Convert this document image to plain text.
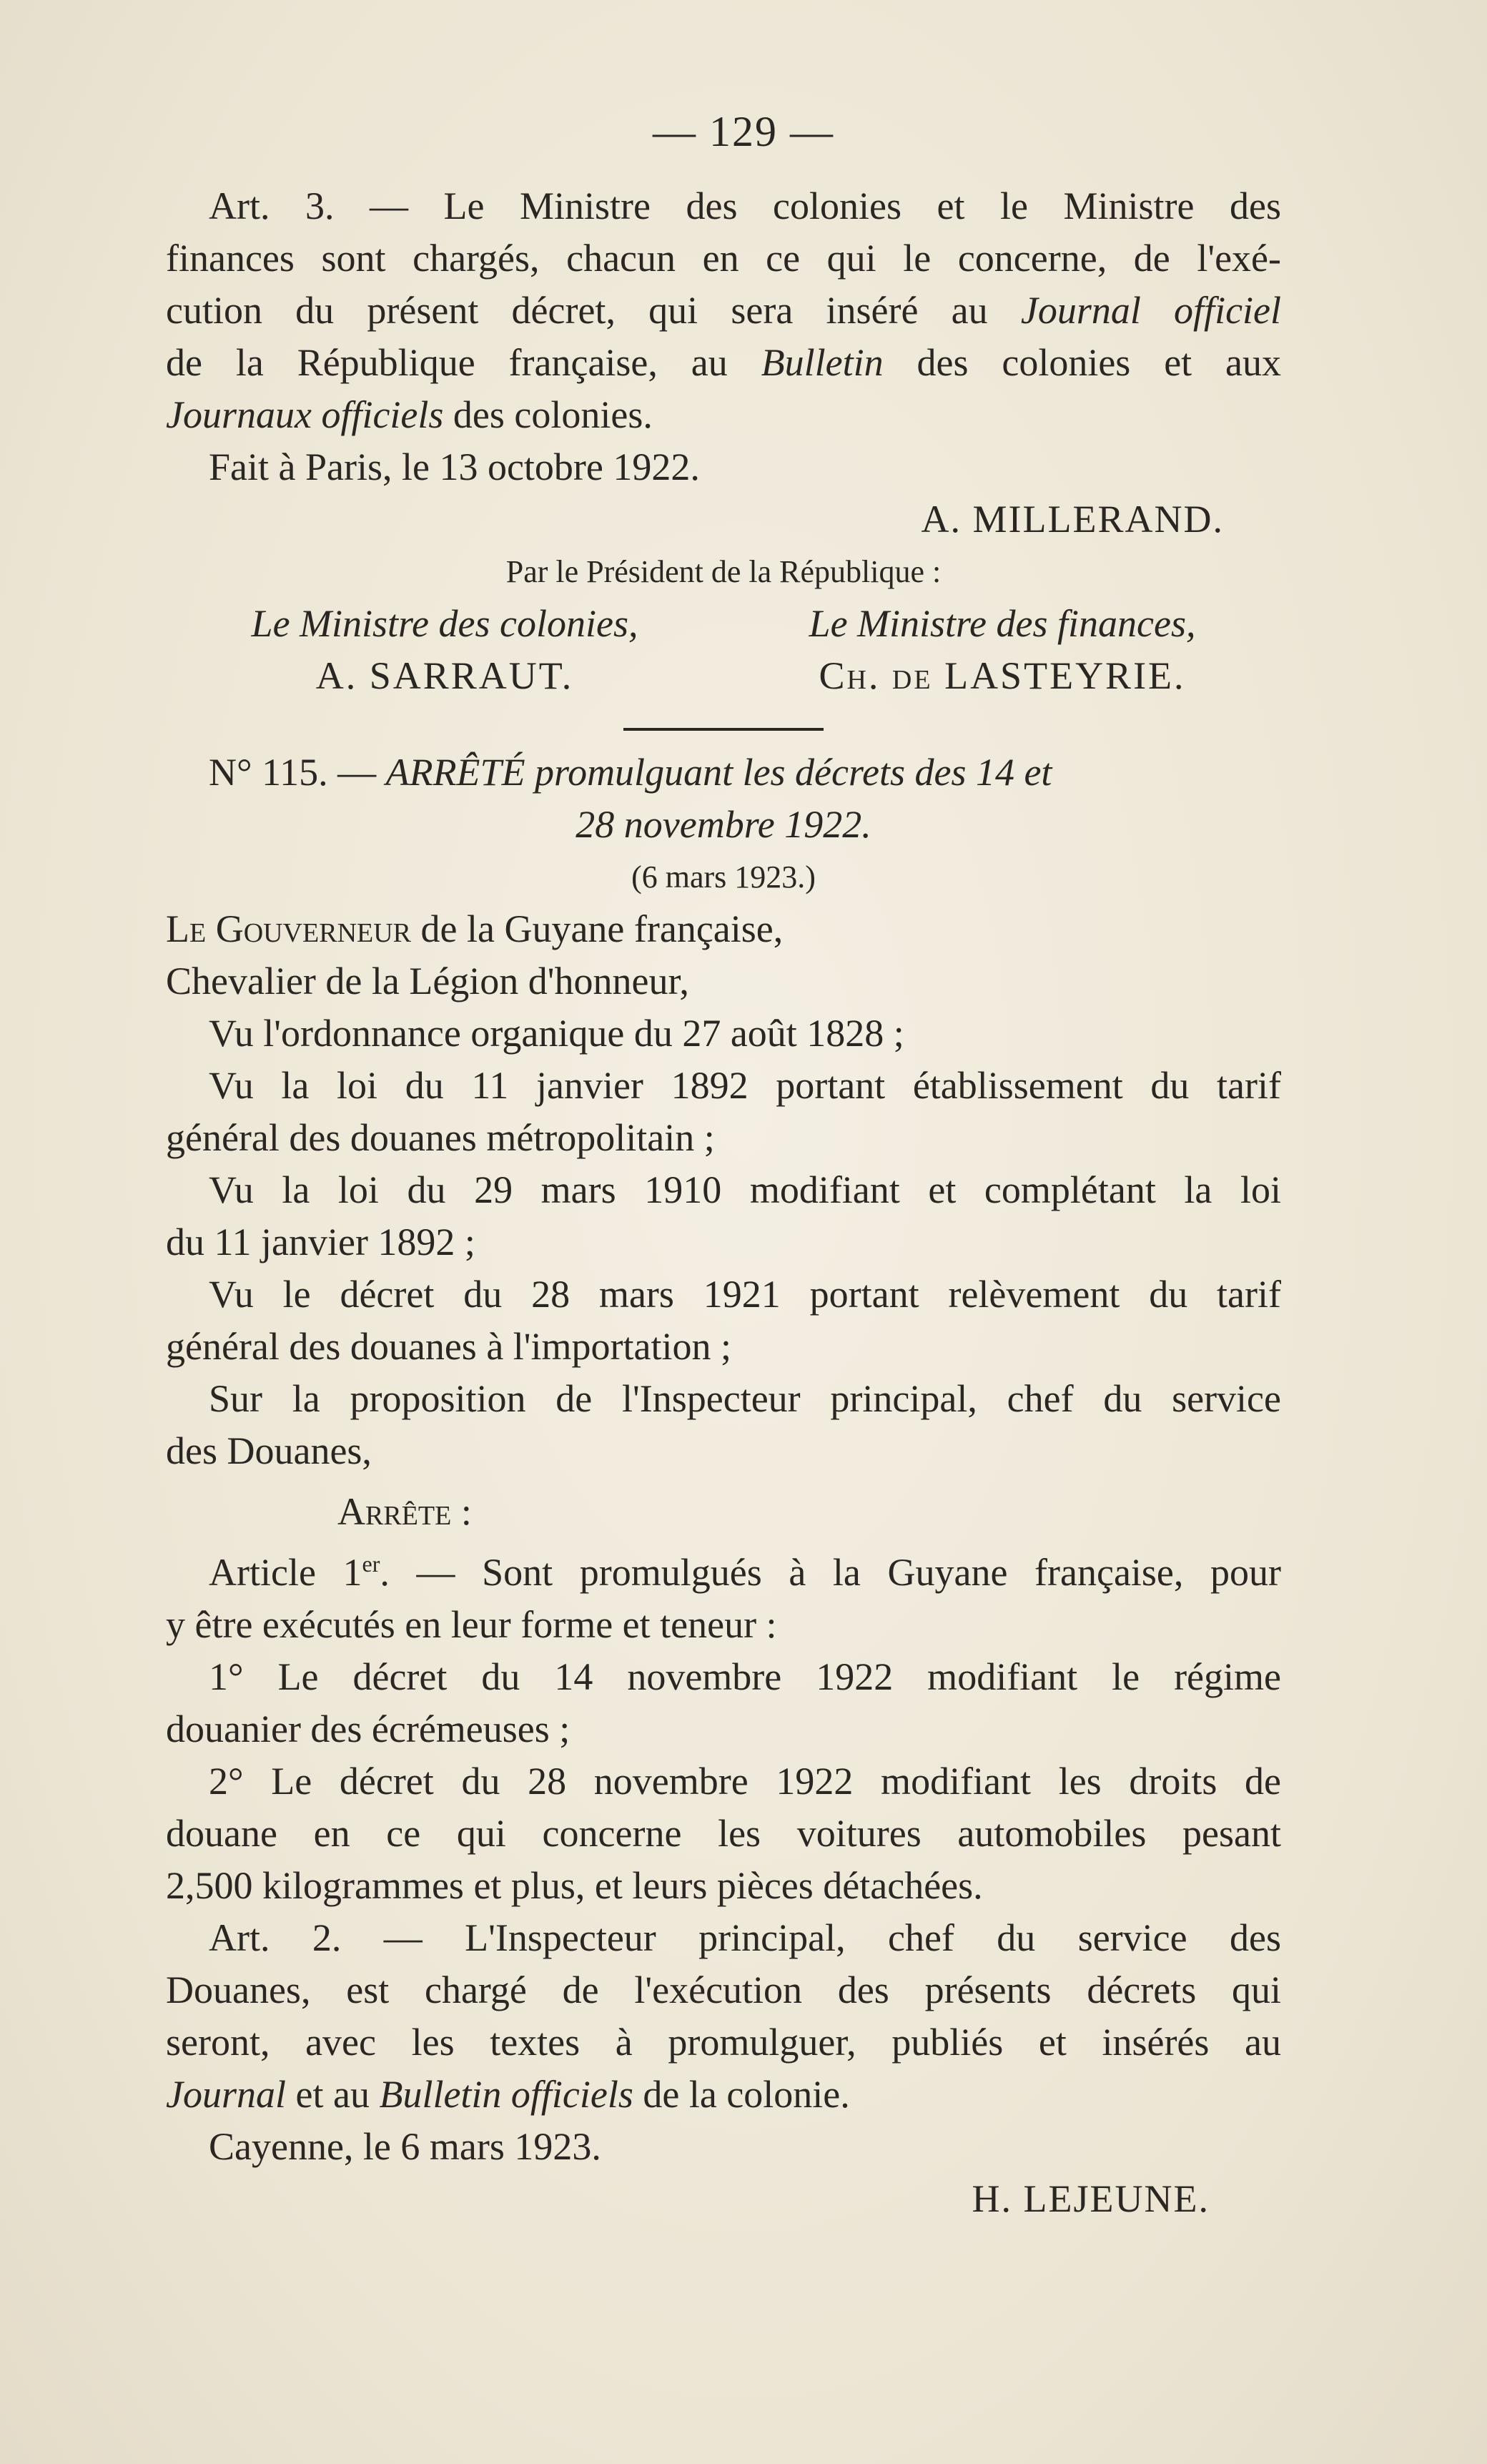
— 129 —
Art. 3. — Le Ministre des colonies et le Ministre des
finances sont chargés, chacun en ce qui le concerne, de l'exé-
cution du présent décret, qui sera inséré au Journal officiel
de la République française, au Bulletin des colonies et aux
Journaux officiels des colonies.
Fait à Paris, le 13 octobre 1922.
A. MILLERAND.
Par le Président de la République :
Le Ministre des colonies,	Le Ministre des finances,
A. SARRAUT.	Ch. de LASTEYRIE.
N° 115. — ARRÊTÉ promulguant les décrets des 14 et
28 novembre 1922.
(6 mars 1923.)
Le Gouverneur de la Guyane française,
Chevalier de la Légion d'honneur,
Vu l'ordonnance organique du 27 août 1828 ;
Vu la loi du 11 janvier 1892 portant établissement du tarif
général des douanes métropolitain ;
Vu la loi du 29 mars 1910 modifiant et complétant la loi
du 11 janvier 1892 ;
Vu le décret du 28 mars 1921 portant relèvement du tarif
général des douanes à l'importation ;
Sur la proposition de l'Inspecteur principal, chef du service
des Douanes,
Arrête :
Article 1er. — Sont promulgués à la Guyane française, pour
y être exécutés en leur forme et teneur :
1° Le décret du 14 novembre 1922 modifiant le régime
douanier des écrémeuses ;
2° Le décret du 28 novembre 1922 modifiant les droits de
douane en ce qui concerne les voitures automobiles pesant
2,500 kilogrammes et plus, et leurs pièces détachées.
Art. 2. — L'Inspecteur principal, chef du service des
Douanes, est chargé de l'exécution des présents décrets qui
seront, avec les textes à promulguer, publiés et insérés au
Journal et au Bulletin officiels de la colonie.
Cayenne, le 6 mars 1923.
H. LEJEUNE.
